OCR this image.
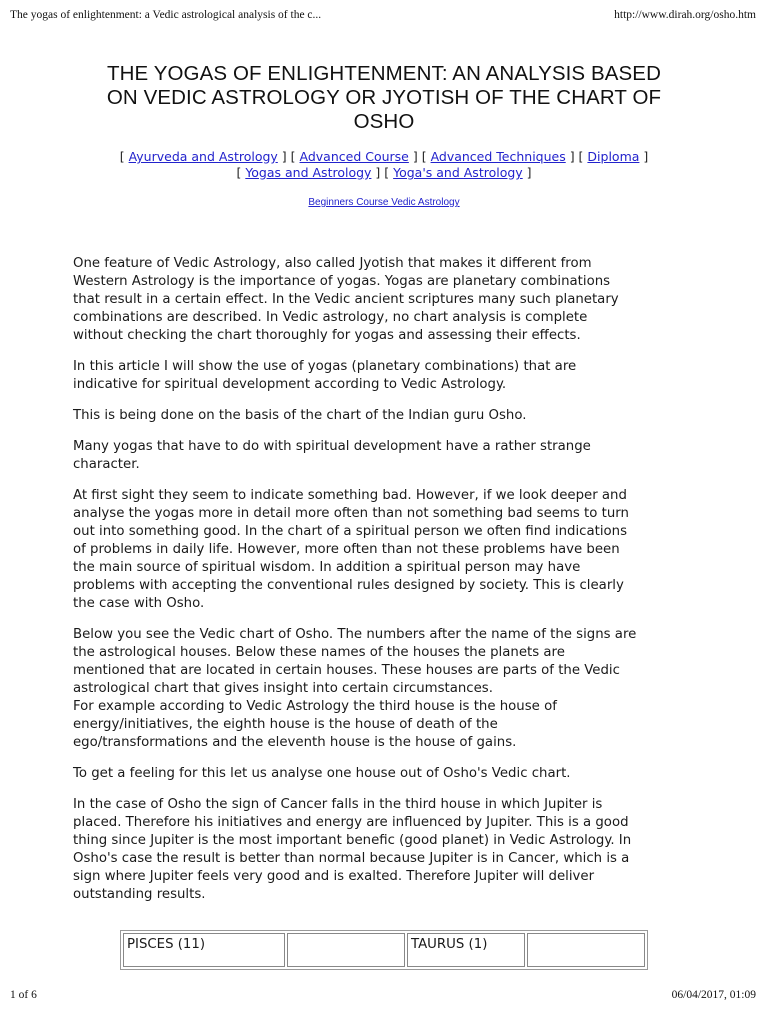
The yogas of enlightenment: a Vedic astrological analysis of the c...	http://www.dirah.org/osho.htm
THE YOGAS OF ENLIGHTENMENT: AN ANALYSIS BASED
ON VEDIC ASTROLOGY OR JYOTISH OF THE CHART OF
OSHO
[ Ayurveda and Astrology ] [ Advanced Course ] [ Advanced Techniques ] [ Diploma ]
[ Yogas and Astrology ] [ Yoga's and Astrology ]
Beginners Course Vedic Astrology

One feature of Vedic Astrology, also called Jyotish that makes it different from
Western Astrology is the importance of yogas. Yogas are planetary combinations
that result in a certain effect. In the Vedic ancient scriptures many such planetary
combinations are described. In Vedic astrology, no chart analysis is complete
without checking the chart thoroughly for yogas and assessing their effects.

In this article I will show the use of yogas (planetary combinations) that are
indicative for spiritual development according to Vedic Astrology.

This is being done on the basis of the chart of the Indian guru Osho.

Many yogas that have to do with spiritual development have a rather strange
character.

At first sight they seem to indicate something bad. However, if we look deeper and
analyse the yogas more in detail more often than not something bad seems to turn
out into something good. In the chart of a spiritual person we often find indications
of problems in daily life. However, more often than not these problems have been
the main source of spiritual wisdom. In addition a spiritual person may have
problems with accepting the conventional rules designed by society. This is clearly
the case with Osho.

Below you see the Vedic chart of Osho. The numbers after the name of the signs are
the astrological houses. Below these names of the houses the planets are
mentioned that are located in certain houses. These houses are parts of the Vedic
astrological chart that gives insight into certain circumstances.
For example according to Vedic Astrology the third house is the house of
energy/initiatives, the eighth house is the house of death of the
ego/transformations and the eleventh house is the house of gains.

To get a feeling for this let us analyse one house out of Osho's Vedic chart.

In the case of Osho the sign of Cancer falls in the third house in which Jupiter is
placed. Therefore his initiatives and energy are influenced by Jupiter. This is a good
thing since Jupiter is the most important benefic (good planet) in Vedic Astrology. In
Osho's case the result is better than normal because Jupiter is in Cancer, which is a
sign where Jupiter feels very good and is exalted. Therefore Jupiter will deliver
outstanding results.

PISCES (11)		TAURUS (1)	
1 of 6	06/04/2017, 01:09
